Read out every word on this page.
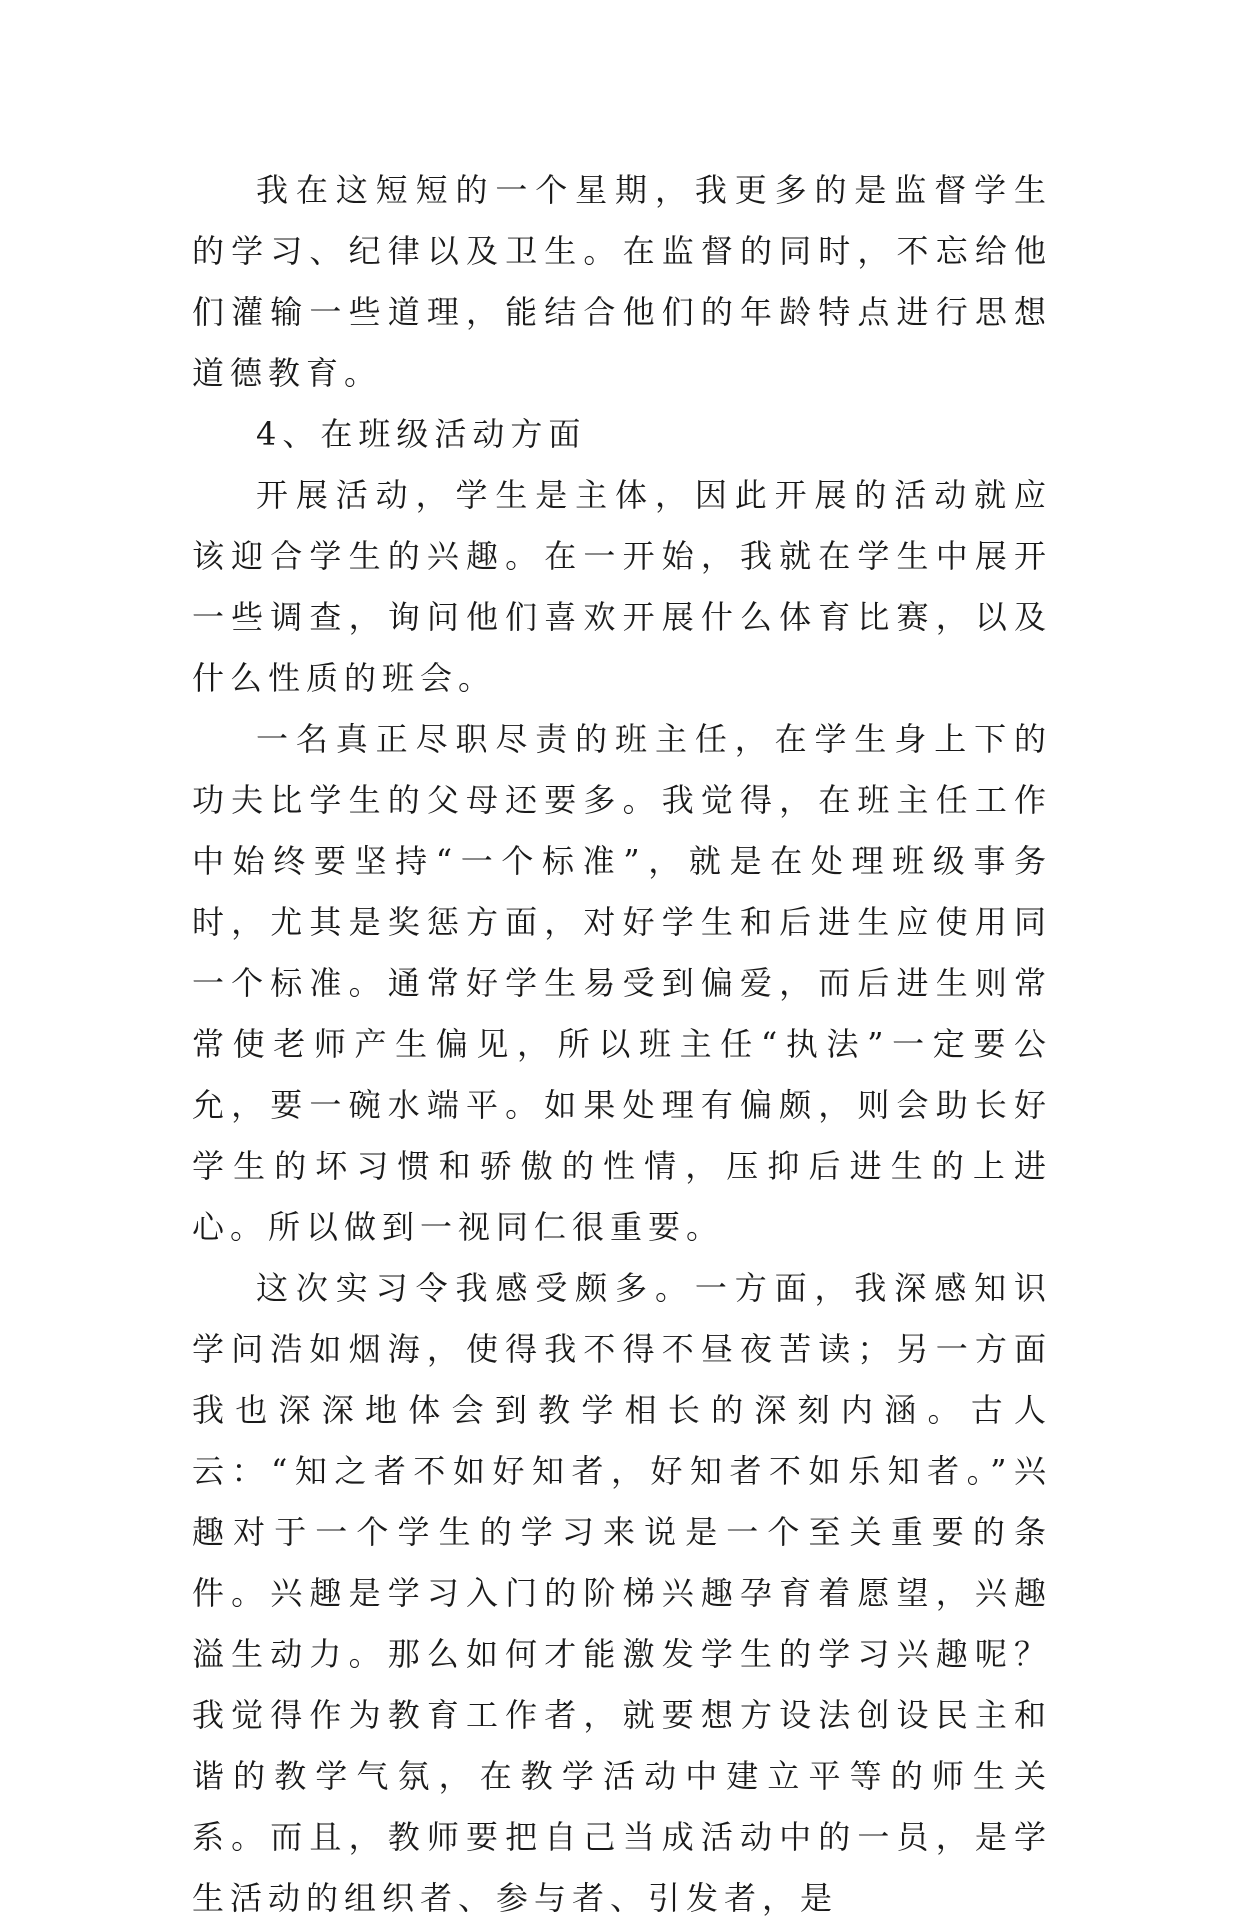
我在这短短的一个星期，我更多的是监督学生的学习、纪律以及卫生。在监督的同时，不忘给他们灌输一些道理，能结合他们的年龄特点进行思想道德教育。

4、在班级活动方面

开展活动，学生是主体，因此开展的活动就应该迎合学生的兴趣。在一开始，我就在学生中展开一些调查，询问他们喜欢开展什么体育比赛，以及什么性质的班会。

一名真正尽职尽责的班主任，在学生身上下的功夫比学生的父母还要多。我觉得，在班主任工作中始终要坚持“一个标准”，就是在处理班级事务时，尤其是奖惩方面，对好学生和后进生应使用同一个标准。通常好学生易受到偏爱，而后进生则常常使老师产生偏见，所以班主任“执法”一定要公允，要一碗水端平。如果处理有偏颇，则会助长好学生的坏习惯和骄傲的性情，压抑后进生的上进心。所以做到一视同仁很重要。

这次实习令我感受颇多。一方面，我深感知识学问浩如烟海，使得我不得不昼夜苦读；另一方面我也深深地体会到教学相长的深刻内涵。古人云：“知之者不如好知者，好知者不如乐知者。”兴趣对于一个学生的学习来说是一个至关重要的条件。兴趣是学习入门的阶梯兴趣孕育着愿望，兴趣溢生动力。那么如何才能激发学生的学习兴趣呢？我觉得作为教育工作者，就要想方设法创设民主和谐的教学气氛，在教学活动中建立平等的师生关系。而且，教师要把自己当成活动中的一员，是学生活动的组织者、参与者、引发者，是
